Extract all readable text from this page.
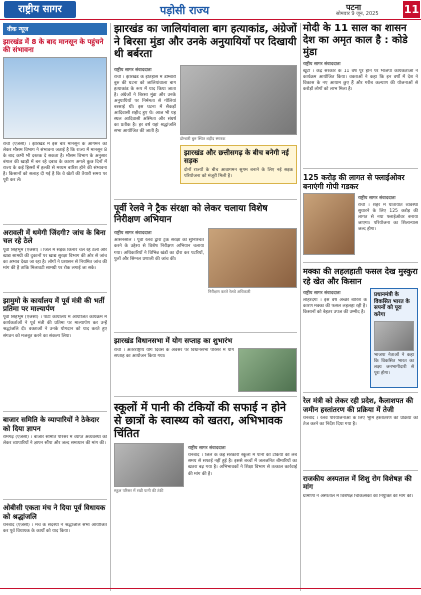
राष्ट्रीय सागर	पड़ोसी राज्य	पटना
सोमवार 9 जून, 2025 11
वीक न्यूज
झारखंड में 8 के बाद मानसून के पहुंचने की संभावना
रांची (एजेंसी) । झारखंड में इस बार मानसून के आगमन को लेकर मौसम विभाग ने संभावना जताई है कि राज्य में मानसून 8 के बाद कभी भी दस्तक दे सकता है। मौसम विभाग के अनुसार बंगाल की खाड़ी में बन रहे दबाव के कारण अगले कुछ दिनों में राज्य के कई हिस्सों में हल्की से मध्यम बारिश होने की संभावना है। किसानों को सलाह दी गई है कि वे खेतों की तैयारी समय पर पूरी कर लें।
अरावली में थमेगी जिंदगी? जांच के बिना चल रहे ठेले
पूर्वी सिंहभूम (एजेंसी) । जिले में सड़क किनारे चल रहे ठेलों और खाद्य सामग्री की दुकानों पर खाद्य सुरक्षा विभाग की ओर से जांच का अभाव देखा जा रहा है। लोगों ने प्रशासन से नियमित जांच की मांग की है ताकि मिलावटी सामग्री पर रोक लगाई जा सके।
झामुमो के कार्यालय में पूर्व मंत्री की भर्ती प्रतिमा पर माल्यार्पण
पूर्वी सिंहभूम (एजेंसी) । पार्टी कार्यालय में आयोजित कार्यक्रम में कार्यकर्ताओं ने पूर्व मंत्री की प्रतिमा पर माल्यार्पण कर उन्हें श्रद्धांजलि दी। वक्ताओं ने उनके योगदान को याद करते हुए संगठन को मजबूत करने का संकल्प लिया।
बाजार समिति के व्यापारियों ने ठेकेदार को दिया ज्ञापन
रामगढ़ (एजेंसी) । बाजार समिति परिसर में व्याप्त अव्यवस्था को लेकर व्यापारियों ने ज्ञापन सौंपा और जल्द समाधान की मांग की।
ओबीसी एकता मंच ने दिया पूर्व विधायक को श्रद्धांजलि
धनबाद (एजेंसी) । मंच के सदस्यों ने श्रद्धांजलि सभा आयोजित कर पूर्व विधायक के कार्यों को याद किया।
झारखंड का जालियांवाला बाग हत्याकांड, अंग्रेजों ने बिरसा मुंडा और उनके अनुयायियों पर दिखायी थी बर्बरता
राष्ट्रीय सागर संवाददाता
रांची । झारखंड के इतिहास में डोम्बारी बुरु की घटना को जालियांवाला बाग हत्याकांड के रूप में याद किया जाता है। अंग्रेजों ने बिरसा मुंडा और उनके अनुयायियों पर निर्ममता से गोलियां बरसाई थीं। इस घटना में सैकड़ों आदिवासी शहीद हुए थे। आज भी यह स्थल आदिवासी अस्मिता और संघर्ष का प्रतीक है। हर वर्ष यहां श्रद्धांजलि सभा आयोजित की जाती है।
डोम्बारी बुरु स्थित शहीद स्मारक
झारखंड और छत्तीसगढ़ के बीच बनेगी नई सड़क
दोनों राज्यों के बीच आवागमन सुगम बनाने के लिए नई सड़क परियोजना को मंजूरी मिली है।
पूर्वी रेलवे ने ट्रैक संरक्षा को लेकर चलाया विशेष निरीक्षण अभियान
राष्ट्रीय सागर संवाददाता
आसनसोल । पूर्वी रेलवे द्वारा ट्रैक संरक्षा को सुनिश्चित करने के उद्देश्य से विशेष निरीक्षण अभियान चलाया गया। अधिकारियों ने विभिन्न खंडों का दौरा कर पटरियों, पुलों और सिग्नल प्रणाली की जांच की।
निरीक्षण करते रेलवे अधिकारी
झारखंड विधानसभा में योग सप्ताह का शुभारंभ
रांची । अंतरराष्ट्रीय योग दिवस के अवसर पर विधानसभा परिसर में योग सप्ताह का आयोजन किया गया।
स्कूलों में पानी की टंकियों की सफाई न होने से छात्रों के स्वास्थ्य को खतरा, अभिभावक चिंतित
स्कूल परिसर में रखी पानी की टंकी
राष्ट्रीय सागर संवाददाता
धनबाद । जिले के कई सरकारी स्कूलों में पानी की टंकियों की लंबे समय से सफाई नहीं हुई है। इससे बच्चों में जलजनित बीमारियों का खतरा बढ़ गया है। अभिभावकों ने शिक्षा विभाग से तत्काल कार्रवाई की मांग की है।
मोदी के 11 साल का शासन देश का अमृत काल है : कोडे मुंडा
राष्ट्रीय सागर संवाददाता
खूंटी । केंद्र सरकार के 11 वर्ष पूरे होने पर भाजपा कार्यकर्ताओं ने कार्यक्रम आयोजित किया। वक्ताओं ने कहा कि इन वर्षों में देश ने विकास के नए आयाम छुए हैं और गरीब कल्याण की योजनाओं से करोड़ों लोगों को लाभ मिला है।
125 करोड़ की लागत से फ्लाईओवर बनाएंगी गोपी गडकर
राष्ट्रीय सागर संवाददाता
रांची । शहर में यातायात व्यवस्था सुधारने के लिए 125 करोड़ की लागत से नया फ्लाईओवर बनाया जाएगा। परियोजना का शिलान्यास जल्द होगा।
मक्का की लहलहाती फसल देख मुस्कुरा रहे खेत और किसान
राष्ट्रीय सागर संवाददाता
लोहरदगा । इस वर्ष अच्छी बारिश के कारण मक्का की फसल लहलहा रही है। किसानों को बेहतर उपज की उम्मीद है।
प्रधानमंत्री के विकसित भारत के सपनों को पूरा करेगा
भाजपा नेताओं ने कहा कि विकसित भारत का लक्ष्य जनभागीदारी से पूरा होगा।
रेल मंत्री को लेकर रही प्रदेश, कैलाशपत की जमीन हस्तांतरण की प्रक्रिया में तेजी
धनबाद । रेलवे परियोजनाओं के लिए भूमि हस्तांतरण की प्रक्रिया को तेज करने का निर्देश दिया गया है।
राजकीय अस्पताल में शिशु रोग विशेषज्ञ की मांग
ग्रामीणों ने अस्पताल में विशेषज्ञ चिकित्सकों की नियुक्ति की मांग की।
